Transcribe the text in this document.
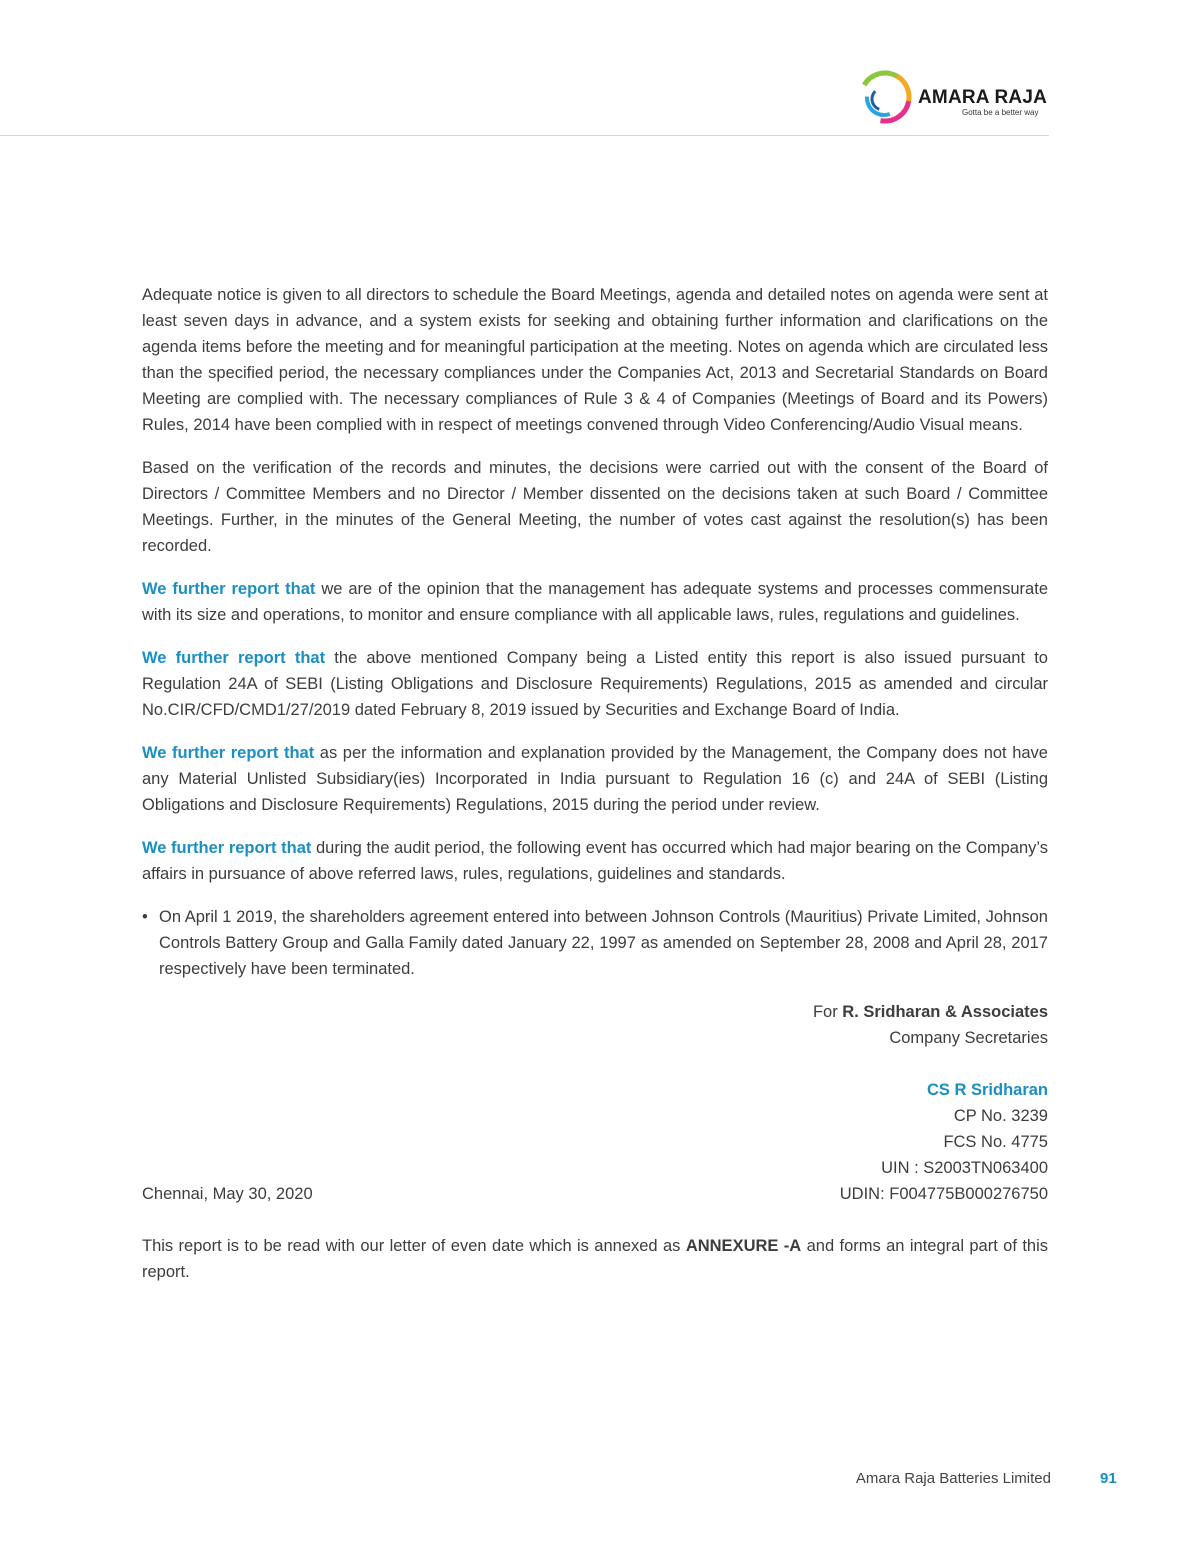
AMARA RAJA
Gotta be a better way

Adequate notice is given to all directors to schedule the Board Meetings, agenda and detailed notes on agenda were sent at least seven days in advance, and a system exists for seeking and obtaining further information and clarifications on the agenda items before the meeting and for meaningful participation at the meeting. Notes on agenda which are circulated less than the specified period, the necessary compliances under the Companies Act, 2013 and Secretarial Standards on Board Meeting are complied with. The necessary compliances of Rule 3 & 4 of Companies (Meetings of Board and its Powers) Rules, 2014 have been complied with in respect of meetings convened through Video Conferencing/Audio Visual means.

Based on the verification of the records and minutes, the decisions were carried out with the consent of the Board of Directors / Committee Members and no Director / Member dissented on the decisions taken at such Board / Committee Meetings. Further, in the minutes of the General Meeting, the number of votes cast against the resolution(s) has been recorded.

We further report that we are of the opinion that the management has adequate systems and processes commensurate with its size and operations, to monitor and ensure compliance with all applicable laws, rules, regulations and guidelines.

We further report that the above mentioned Company being a Listed entity this report is also issued pursuant to Regulation 24A of SEBI (Listing Obligations and Disclosure Requirements) Regulations, 2015 as amended and circular No.CIR/CFD/CMD1/27/2019 dated February 8, 2019 issued by Securities and Exchange Board of India.

We further report that as per the information and explanation provided by the Management, the Company does not have any Material Unlisted Subsidiary(ies) Incorporated in India pursuant to Regulation 16 (c) and 24A of SEBI (Listing Obligations and Disclosure Requirements) Regulations, 2015 during the period under review.

We further report that during the audit period, the following event has occurred which had major bearing on the Company’s affairs in pursuance of above referred laws, rules, regulations, guidelines and standards.

• On April 1 2019, the shareholders agreement entered into between Johnson Controls (Mauritius) Private Limited, Johnson Controls Battery Group and Galla Family dated January 22, 1997 as amended on September 28, 2008 and April 28, 2017 respectively have been terminated.
For R. Sridharan & Associates
Company Secretaries
CS R Sridharan
CP No. 3239
FCS No. 4775
UIN : S2003TN063400
Chennai, May 30, 2020	UDIN: F004775B000276750

This report is to be read with our letter of even date which is annexed as ANNEXURE -A and forms an integral part of this report.

Amara Raja Batteries Limited	91
